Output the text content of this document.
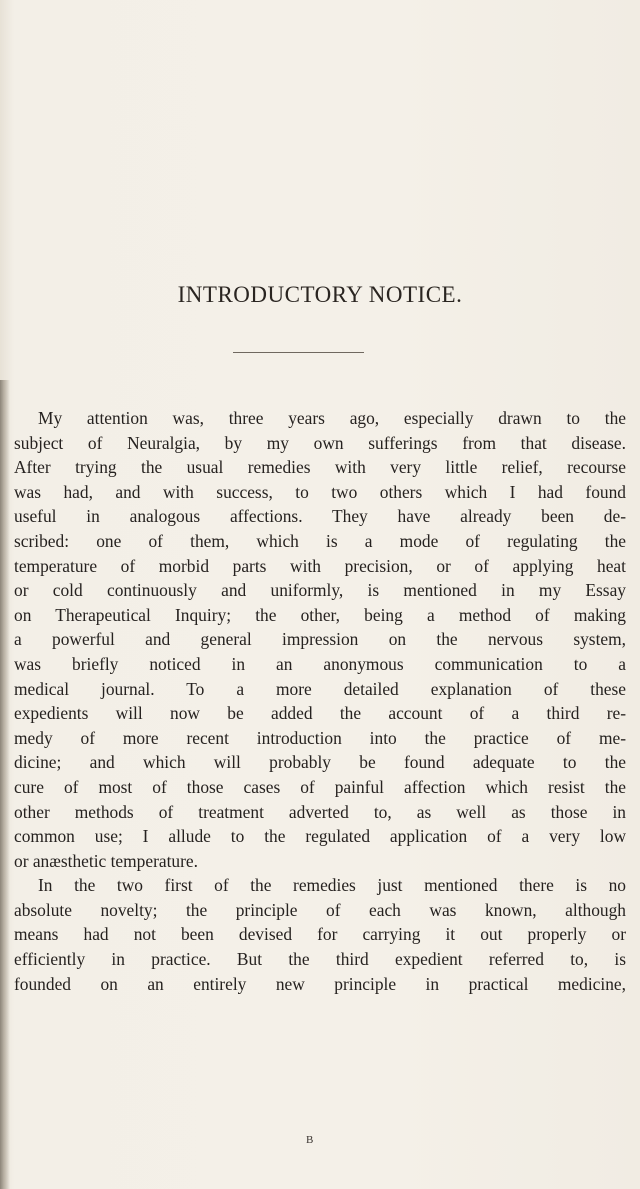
INTRODUCTORY NOTICE.
My attention was, three years ago, especially drawn to the
subject of Neuralgia, by my own sufferings from that disease.
After trying the usual remedies with very little relief, recourse
was had, and with success, to two others which I had found
useful in analogous affections. They have already been de-
scribed: one of them, which is a mode of regulating the
temperature of morbid parts with precision, or of applying heat
or cold continuously and uniformly, is mentioned in my Essay
on Therapeutical Inquiry; the other, being a method of making
a powerful and general impression on the nervous system,
was briefly noticed in an anonymous communication to a
medical journal. To a more detailed explanation of these
expedients will now be added the account of a third re-
medy of more recent introduction into the practice of me-
dicine; and which will probably be found adequate to the
cure of most of those cases of painful affection which resist the
other methods of treatment adverted to, as well as those in
common use; I allude to the regulated application of a very low
or anæsthetic temperature.
In the two first of the remedies just mentioned there is no
absolute novelty; the principle of each was known, although
means had not been devised for carrying it out properly or
efficiently in practice. But the third expedient referred to, is
founded on an entirely new principle in practical medicine,
B
